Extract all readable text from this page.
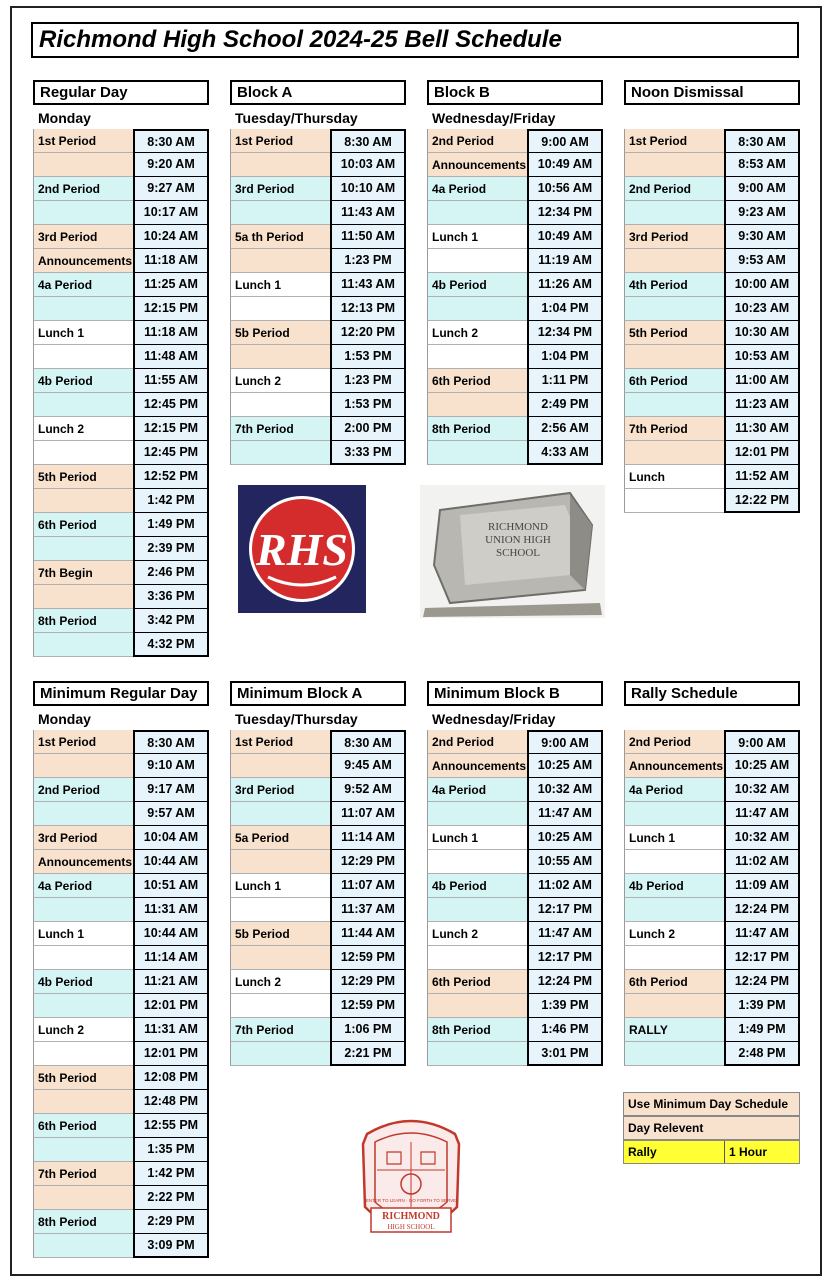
Richmond High School 2024-25 Bell Schedule
Regular Day
Monday
1st Period	8:30 AM
9:20 AM
2nd Period	9:27 AM
10:17 AM
3rd Period	10:24 AM
Announcements 11:18 AM
4a Period	11:25 AM
12:15 PM
Lunch 1	11:18 AM
11:48 AM
4b Period	11:55 AM
12:45 PM
Lunch 2	12:15 PM
12:45 PM
5th Period	12:52 PM
1:42 PM
6th Period	1:49 PM
2:39 PM
7th Begin	2:46 PM
3:36 PM
8th Period	3:42 PM
4:32 PM
Block A
Tuesday/Thursday
1st Period	8:30 AM
10:03 AM
3rd Period	10:10 AM
11:43 AM
5a th Period	11:50 AM
1:23 PM
Lunch 1	11:43 AM
12:13 PM
5b Period	12:20 PM
1:53 PM
Lunch 2	1:23 PM
1:53 PM
7th Period	2:00 PM
3:33 PM
Block B
Wednesday/Friday
2nd Period	9:00 AM
Announcements 10:49 AM
4a Period	10:56 AM
12:34 PM
Lunch 1	10:49 AM
11:19 AM
4b Period	11:26 AM
1:04 PM
Lunch 2	12:34 PM
1:04 PM
6th Period	1:11 PM
2:49 PM
8th Period	2:56 AM
4:33 AM
Noon Dismissal
1st Period	8:30 AM
8:53 AM
2nd Period	9:00 AM
9:23 AM
3rd Period	9:30 AM
9:53 AM
4th Period	10:00 AM
10:23 AM
5th Period	10:30 AM
10:53 AM
6th Period	11:00 AM
11:23 AM
7th Period	11:30 AM
12:01 PM
Lunch	11:52 AM
12:22 PM
Minimum Regular Day
Monday
1st Period	8:30 AM
9:10 AM
2nd Period	9:17 AM
9:57 AM
3rd Period	10:04 AM
Announcements 10:44 AM
4a Period	10:51 AM
11:31 AM
Lunch 1	10:44 AM
11:14 AM
4b Period	11:21 AM
12:01 PM
Lunch 2	11:31 AM
12:01 PM
5th Period	12:08 PM
12:48 PM
6th Period	12:55 PM
1:35 PM
7th Period	1:42 PM
2:22 PM
8th Period	2:29 PM
3:09 PM
Minimum Block A
Tuesday/Thursday
1st Period	8:30 AM
9:45 AM
3rd Period	9:52 AM
11:07 AM
5a Period	11:14 AM
12:29 PM
Lunch 1	11:07 AM
11:37 AM
5b Period	11:44 AM
12:59 PM
Lunch 2	12:29 PM
12:59 PM
7th Period	1:06 PM
2:21 PM
Minimum Block B
Wednesday/Friday
2nd Period	9:00 AM
Announcements 10:25 AM
4a Period	10:32 AM
11:47 AM
Lunch 1	10:25 AM
10:55 AM
4b Period	11:02 AM
12:17 PM
Lunch 2	11:47 AM
12:17 PM
6th Period	12:24 PM
1:39 PM
8th Period	1:46 PM
3:01 PM
Rally Schedule
2nd Period	9:00 AM
Announcements 10:25 AM
4a Period	10:32 AM
11:47 AM
Lunch 1	10:32 AM
11:02 AM
4b Period	11:09 AM
12:24 PM
Lunch 2	11:47 AM
12:17 PM
6th Period	12:24 PM
1:39 PM
RALLY	1:49 PM
2:48 PM
RHS	RICHMOND
UNION HIGH
SCHOOL
ENTER TO LEARN · GO FORTH TO SERVE
RICHMOND
HIGH SCHOOL
Use Minimum Day Schedule
Day Relevent
Rally	1 Hour
